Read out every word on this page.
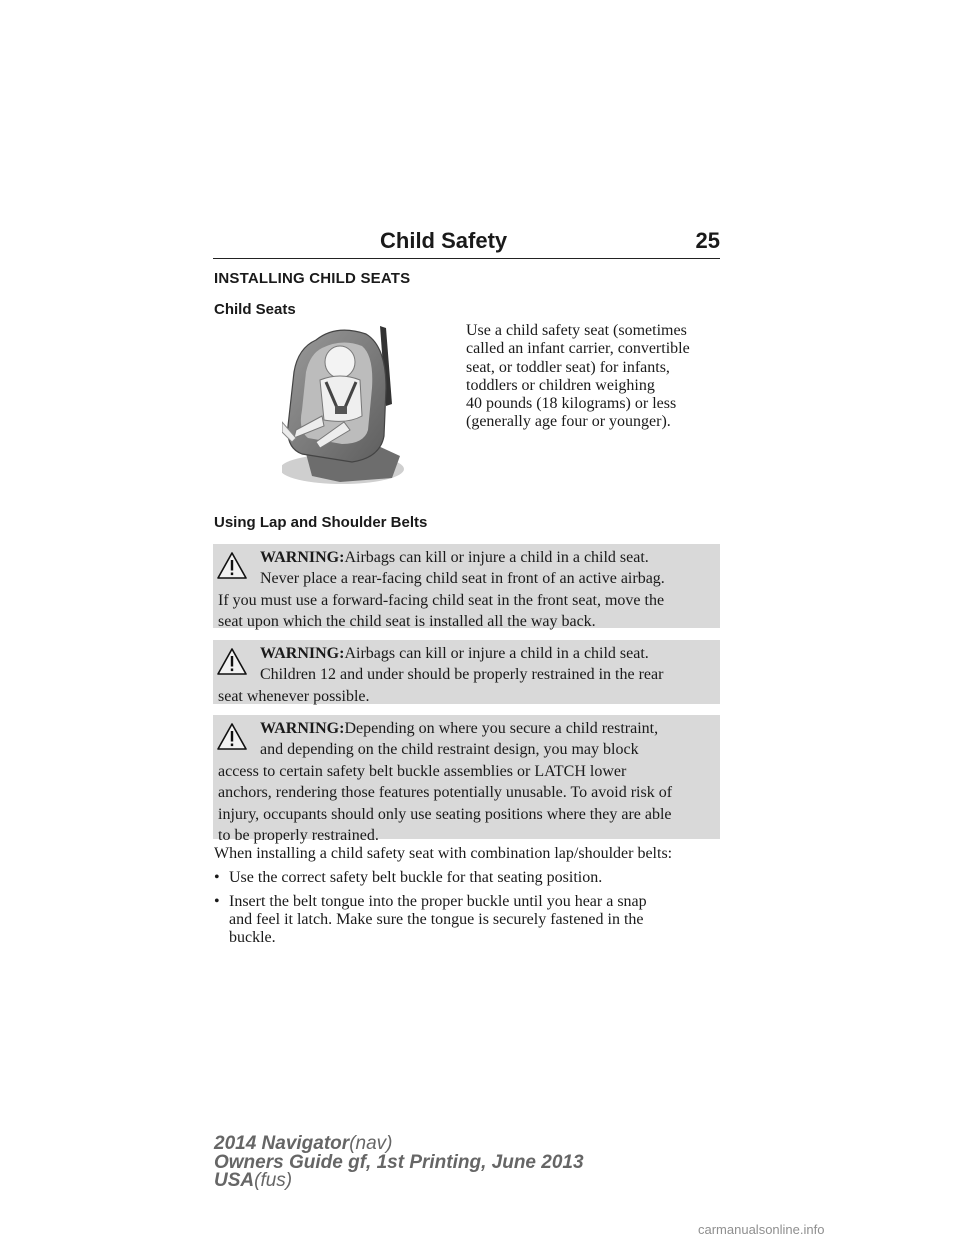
Child Safety	25
INSTALLING CHILD SEATS
Child Seats
Use a child safety seat (sometimes
called an infant carrier, convertible
seat, or toddler seat) for infants,
toddlers or children weighing
40 pounds (18 kilograms) or less
(generally age four or younger).
Using Lap and Shoulder Belts
WARNING:Airbags can kill or injure a child in a child seat.
Never place a rear-facing child seat in front of an active airbag.
If you must use a forward-facing child seat in the front seat, move the
seat upon which the child seat is installed all the way back.
WARNING:Airbags can kill or injure a child in a child seat.
Children 12 and under should be properly restrained in the rear
seat whenever possible.
WARNING:Depending on where you secure a child restraint,
and depending on the child restraint design, you may block
access to certain safety belt buckle assemblies or LATCH lower
anchors, rendering those features potentially unusable. To avoid risk of
injury, occupants should only use seating positions where they are able
to be properly restrained.
When installing a child safety seat with combination lap/shoulder belts:
• Use the correct safety belt buckle for that seating position.
• Insert the belt tongue into the proper buckle until you hear a snap
and feel it latch. Make sure the tongue is securely fastened in the
buckle.
2014 Navigator(nav)
Owners Guide gf, 1st Printing, June 2013
USA(fus)
carmanualsonline.info
